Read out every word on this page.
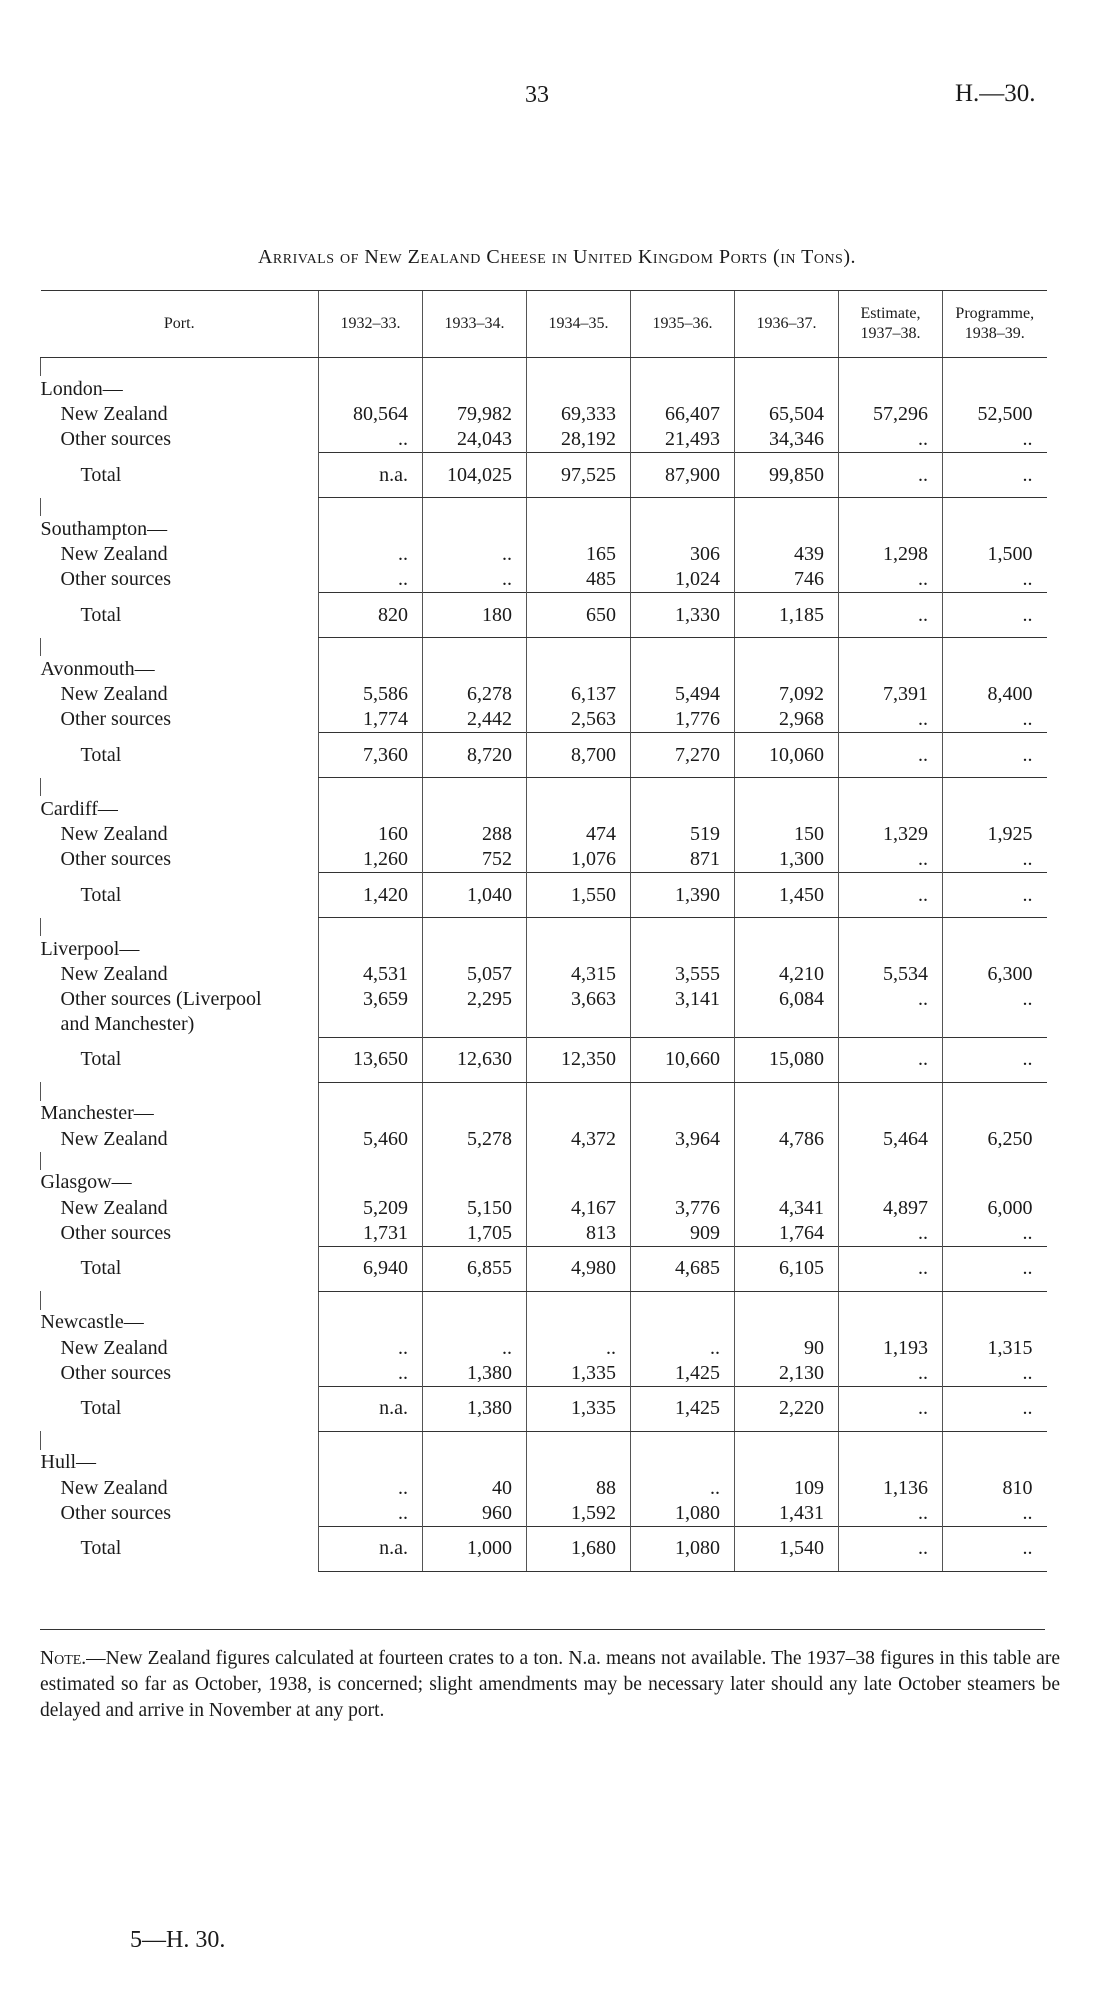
33	H.—30.
Arrivals of New Zealand Cheese in United Kingdom Ports (in Tons).
Port.	1932–33.	1933–34.	1934–35.	1935–36.	1936–37.	Estimate, 1937–38.	Programme, 1938–39.

London—							
New Zealand	80,564	79,982	69,333	66,407	65,504	57,296	52,500
Other sources	..	24,043	28,192	21,493	34,346	..	..
Total	n.a.	104,025	97,525	87,900	99,850	..	..

Southampton—							
New Zealand	..	..	165	306	439	1,298	1,500
Other sources	..	..	485	1,024	746	..	..
Total	820	180	650	1,330	1,185	..	..

Avonmouth—							
New Zealand	5,586	6,278	6,137	5,494	7,092	7,391	8,400
Other sources	1,774	2,442	2,563	1,776	2,968	..	..
Total	7,360	8,720	8,700	7,270	10,060	..	..

Cardiff—							
New Zealand	160	288	474	519	150	1,329	1,925
Other sources	1,260	752	1,076	871	1,300	..	..
Total	1,420	1,040	1,550	1,390	1,450	..	..

Liverpool—							
New Zealand	4,531	5,057	4,315	3,555	4,210	5,534	6,300
Other sources (Liverpool	3,659	2,295	3,663	3,141	6,084	..	..
and Manchester)							
Total	13,650	12,630	12,350	10,660	15,080	..	..

Manchester—							
New Zealand	5,460	5,278	4,372	3,964	4,786	5,464	6,250

Glasgow—							
New Zealand	5,209	5,150	4,167	3,776	4,341	4,897	6,000
Other sources	1,731	1,705	813	909	1,764	..	..
Total	6,940	6,855	4,980	4,685	6,105	..	..

Newcastle—							
New Zealand	..	..	..	..	90	1,193	1,315
Other sources	..	1,380	1,335	1,425	2,130	..	..
Total	n.a.	1,380	1,335	1,425	2,220	..	..

Hull—							
New Zealand	..	40	88	..	109	1,136	810
Other sources	..	960	1,592	1,080	1,431	..	..
Total	n.a.	1,000	1,680	1,080	1,540	..	..
Note.—New Zealand figures calculated at fourteen crates to a ton. N.a. means not available. The 1937–38 figures in this table are estimated so far as October, 1938, is concerned; slight amendments may be necessary later should any late October steamers be delayed and arrive in November at any port.
5—H. 30.
